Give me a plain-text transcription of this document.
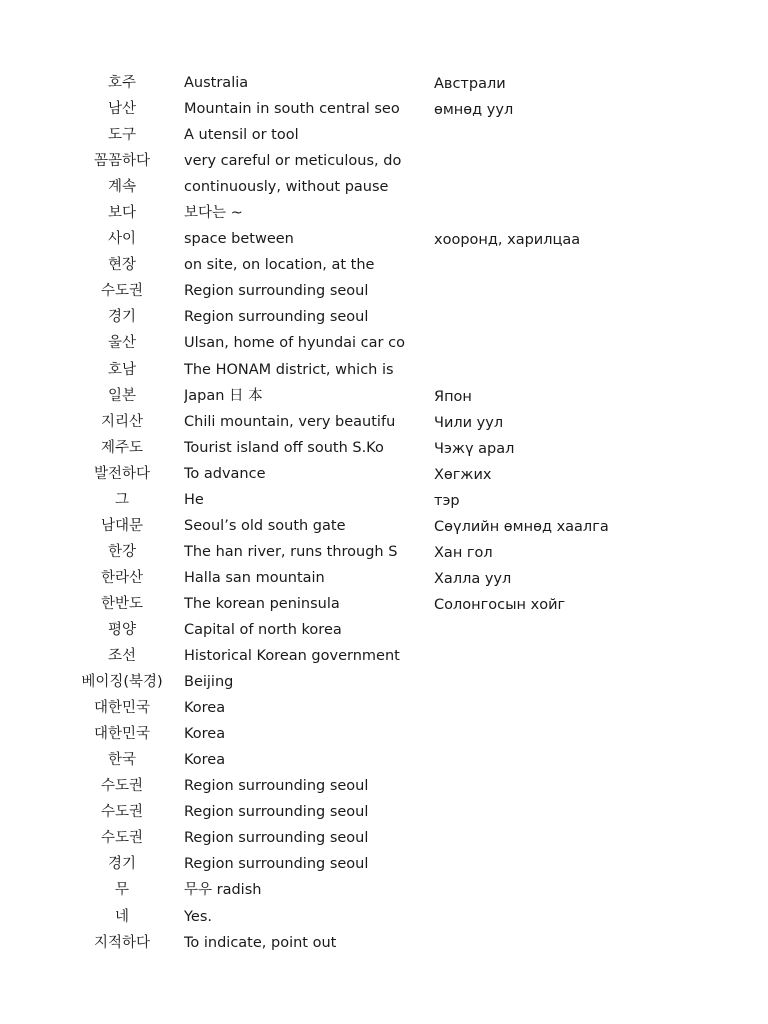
호주	Australia	Австрали
남산	Mountain in south central seo	өмнөд уул
도구	A utensil or tool
꼼꼼하다	very careful or meticulous, do
계속	continuously, without pause
보다	보다는 ~
사이	space between	хооронд, харилцаа
현장	on site, on location, at the
수도권	Region surrounding seoul
경기	Region surrounding seoul
울산	Ulsan, home of hyundai car co
호남	The HONAM district, which is
일본	Japan 日 本	Япон
지리산	Chili mountain, very beautifu	Чили уул
제주도	Tourist island off south S.Ko	Чэжү арал
발전하다	To advance	Хөгжих
그	He	тэр
남대문	Seoul’s old south gate	Сөүлийн өмнөд хаалга
한강	The han river, runs through S	Хан гол
한라산	Halla san mountain	Халла уул
한반도	The korean peninsula	Солонгосын хойг
평양	Capital of north korea
조선	Historical Korean government
베이징(북경)	Beijing
대한민국	Korea
대한민국	Korea
한국	Korea
수도권	Region surrounding seoul
수도권	Region surrounding seoul
수도권	Region surrounding seoul
경기	Region surrounding seoul
무	무우 radish
네	Yes.
지적하다	To indicate, point out
